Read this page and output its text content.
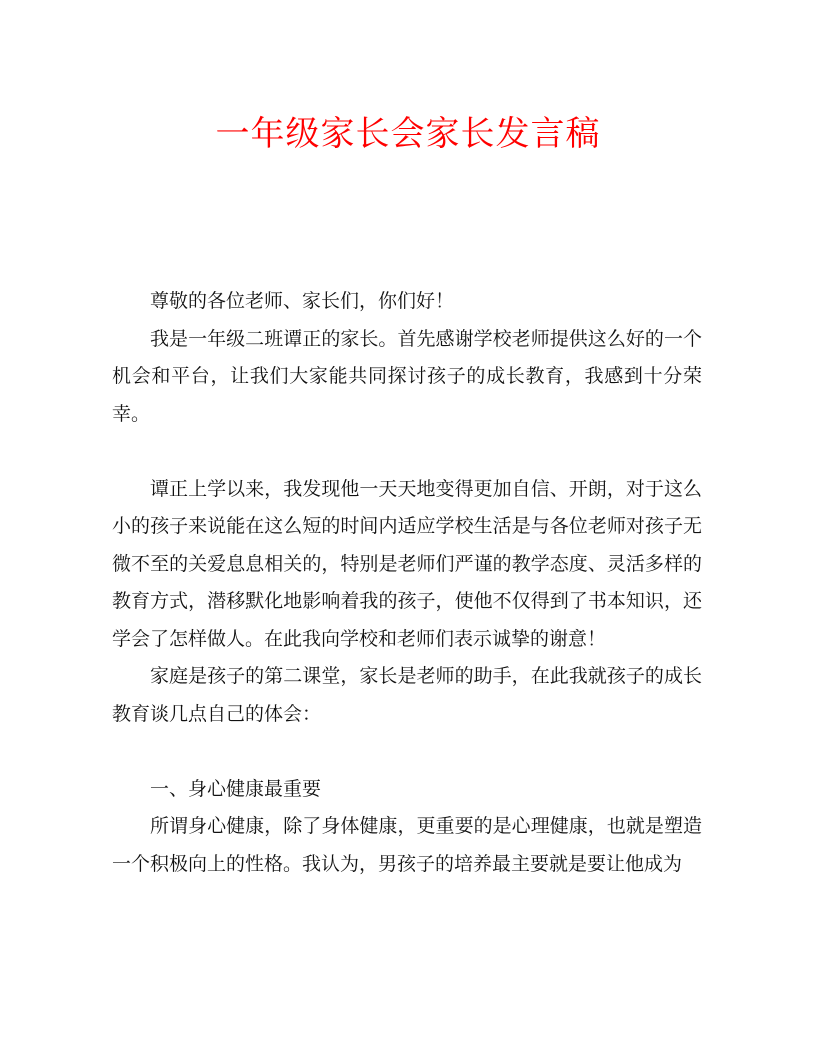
一年级家长会家长发言稿

尊敬的各位老师、家长们，你们好！

我是一年级二班谭正的家长。首先感谢学校老师提供这么好的一个机会和平台，让我们大家能共同探讨孩子的成长教育，我感到十分荣幸。

谭正上学以来，我发现他一天天地变得更加自信、开朗，对于这么小的孩子来说能在这么短的时间内适应学校生活是与各位老师对孩子无微不至的关爱息息相关的，特别是老师们严谨的教学态度、灵活多样的教育方式，潜移默化地影响着我的孩子，使他不仅得到了书本知识，还学会了怎样做人。在此我向学校和老师们表示诚挚的谢意！

家庭是孩子的第二课堂，家长是老师的助手，在此我就孩子的成长教育谈几点自己的体会：

一、身心健康最重要

所谓身心健康，除了身体健康，更重要的是心理健康，也就是塑造一个积极向上的性格。我认为，男孩子的培养最主要就是要让他成为
